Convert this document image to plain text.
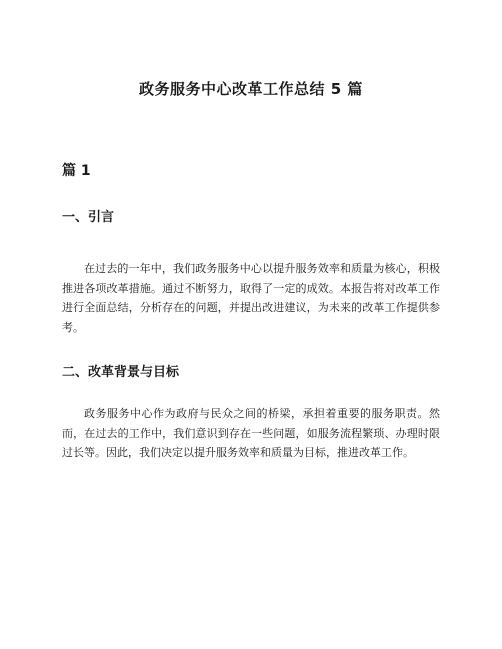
政务服务中心改革工作总结 5 篇
篇 1
一、引言

在过去的一年中，我们政务服务中心以提升服务效率和质量为核心，积极推进各项改革措施。通过不断努力，取得了一定的成效。本报告将对改革工作进行全面总结，分析存在的问题，并提出改进建议，为未来的改革工作提供参考。

二、改革背景与目标

政务服务中心作为政府与民众之间的桥梁，承担着重要的服务职责。然而，在过去的工作中，我们意识到存在一些问题，如服务流程繁琐、办理时限过长等。因此，我们决定以提升服务效率和质量为目标，推进改革工作。
